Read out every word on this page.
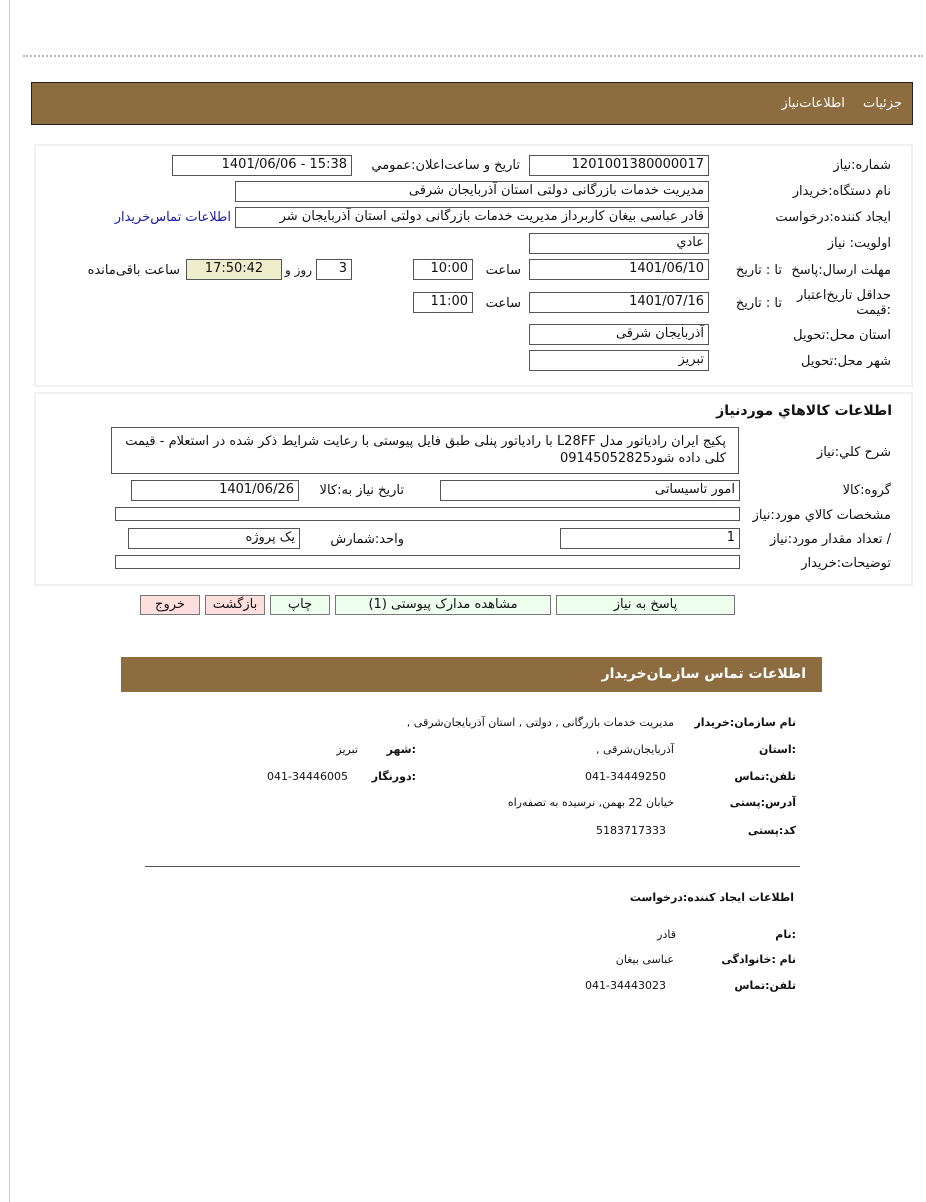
جزئیات اطلاعات‌نیاز
شماره:نیاز
1201001380000017
تاریخ و ساعت‌اعلان:عمومي
1401/06/06 - 15:38
نام دستگاه:خريدار
مدیریت خدمات بازرگانی دولتی استان آذربایجان شرقی
ایجاد کننده:درخواست
قادر عباسی بیغان کاربرداز مدیریت خدمات بازرگانی دولتی استان آذربایجان شر
اطلاعات تماس‌خريدار
اولویت: نیاز
عادي
مهلت ارسال:پاسخ
تا : تاریخ
1401/06/10
ساعت
10:00
3
روز و
17:50:42
ساعت باقی‌مانده
حداقل تاریخ‌اعتبار :قیمت
تا : تاریخ
1401/07/16
ساعت
11:00
استان محل:تحویل
آذربایجان شرقی
شهر محل:تحویل
تبریز
اطلاعات کالاهاي مورد‌نیاز
شرح کلي:نياز
پکیج ایران رادیاتور مدل L28FF با رادیاتور پنلی طبق فایل پیوستی با رعایت شرایط ذکر شده در استعلام - قیمت کلی داده شود09145052825
گروه:کالا
امور تاسیساتی
تاریخ نیاز به:کالا
1401/06/26
مشخصات کالاي مورد:نياز
/ تعداد مقدار مورد:نیاز
1
واحد:شمارش
یک پروژه
توضیحات:خریدار
پاسخ به نیاز
مشاهده مدارک پیوستی (1)
چاپ
بازگشت
خروج
اطلاعات تماس سازمان‌خریدار
نام سازمان:خریدار
مدیریت خدمات بازرگانی , دولتی , استان آذربایجان‌شرقی ,
:استان
آذربایجان‌شرقی ,
:شهر
تبریز
تلفن:تماس
041-34449250
:دورنگار
041-34446005
آدرس:پستی
خیابان 22 بهمن, نرسیده به تصفه‌راه
کد:پستی
5183717333
اطلاعات ایجاد کننده:درخواست
:نام
قادر
نام :خانوادگی
عباسی بیغان
تلفن:تماس
041-34443023
